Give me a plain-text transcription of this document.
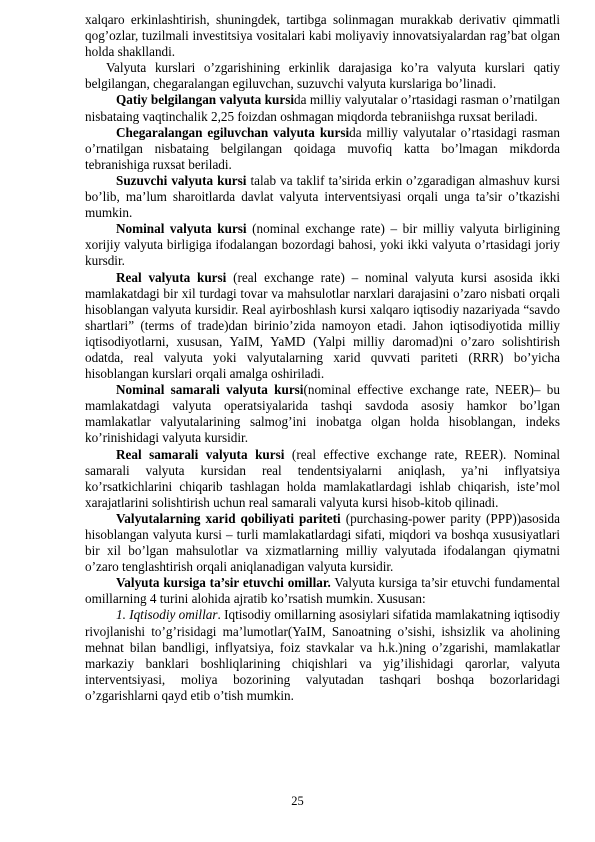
xalqaro erkinlashtirish, shuningdek, tartibga solinmagan murakkab derivativ qimmatli qog’ozlar, tuzilmali investitsiya vositalari kabi moliyaviy innovatsiyalardan rag’bat olgan holda shakllandi.

Valyuta kurslari o’zgarishining erkinlik darajasiga ko’ra valyuta kurslari qatiy belgilangan, chegaralangan egiluvchan, suzuvchi valyuta kurslariga bo’linadi.

Qatiy belgilangan valyuta kursida milliy valyutalar o’rtasidagi rasman o’rnatilgan nisbataing vaqtinchalik 2,25 foizdan oshmagan miqdorda tebraniishga ruxsat beriladi.

Chegaralangan egiluvchan valyuta kursida milliy valyutalar o’rtasidagi rasman o’rnatilgan nisbataing belgilangan qoidaga muvofiq katta bo’lmagan mikdorda tebranishiga ruxsat beriladi.

Suzuvchi valyuta kursi talab va taklif ta’sirida erkin o’zgaradigan almashuv kursi bo’lib, ma’lum sharoitlarda davlat valyuta interventsiyasi orqali unga ta’sir o’tkazishi mumkin.

Nominal valyuta kursi (nominal exchange rate) – bir milliy valyuta birligining xorijiy valyuta birligiga ifodalangan bozordagi bahosi, yoki ikki valyuta o’rtasidagi joriy kursdir.

Real valyuta kursi (real exchange rate) – nominal valyuta kursi asosida ikki mamlakatdagi bir xil turdagi tovar va mahsulotlar narxlari darajasini o’zaro nisbati orqali hisoblangan valyuta kursidir. Real ayirboshlash kursi xalqaro iqtisodiy nazariyada “savdo shartlari” (terms of trade)dan birinio’zida namoyon etadi. Jahon iqtisodiyotida milliy iqtisodiyotlarni, xususan, YaIM, YaMD (Yalpi milliy daromad)ni o’zaro solishtirish odatda, real valyuta yoki valyutalarning xarid quvvati pariteti (RRR) bo’yicha hisoblangan kurslari orqali amalga oshiriladi.

Nominal samarali valyuta kursi(nominal effective exchange rate, NEER)– bu mamlakatdagi valyuta operatsiyalarida tashqi savdoda asosiy hamkor bo’lgan mamlakatlar valyutalarining salmog’ini inobatga olgan holda hisoblangan, indeks ko’rinishidagi valyuta kursidir.

Real samarali valyuta kursi (real effective exchange rate, REER). Nominal samarali valyuta kursidan real tendentsiyalarni aniqlash, ya’ni inflyatsiya ko’rsatkichlarini chiqarib tashlagan holda mamlakatlardagi ishlab chiqarish, iste’mol xarajatlarini solishtirish uchun real samarali valyuta kursi hisob-kitob qilinadi.

Valyutalarning xarid qobiliyati pariteti (purchasing-power parity (PPP))asosida hisoblangan valyuta kursi – turli mamlakatlardagi sifati, miqdori va boshqa xususiyatlari bir xil bo’lgan mahsulotlar va xizmatlarning milliy valyutada ifodalangan qiymatni o’zaro tenglashtirish orqali aniqlanadigan valyuta kursidir.

Valyuta kursiga ta’sir etuvchi omillar. Valyuta kursiga ta’sir etuvchi fundamental omillarning 4 turini alohida ajratib ko’rsatish mumkin. Xususan:

1. Iqtisodiy omillar. Iqtisodiy omillarning asosiylari sifatida mamlakatning iqtisodiy rivojlanishi to’g’risidagi ma’lumotlar(YaIM, Sanoatning o’sishi, ishsizlik va aholining mehnat bilan bandligi, inflyatsiya, foiz stavkalar va h.k.)ning o’zgarishi, mamlakatlar markaziy banklari boshliqlarining chiqishlari va yig’ilishidagi qarorlar, valyuta interventsiyasi, moliya bozorining valyutadan tashqari boshqa bozorlaridagi o’zgarishlarni qayd etib o’tish mumkin.

25
